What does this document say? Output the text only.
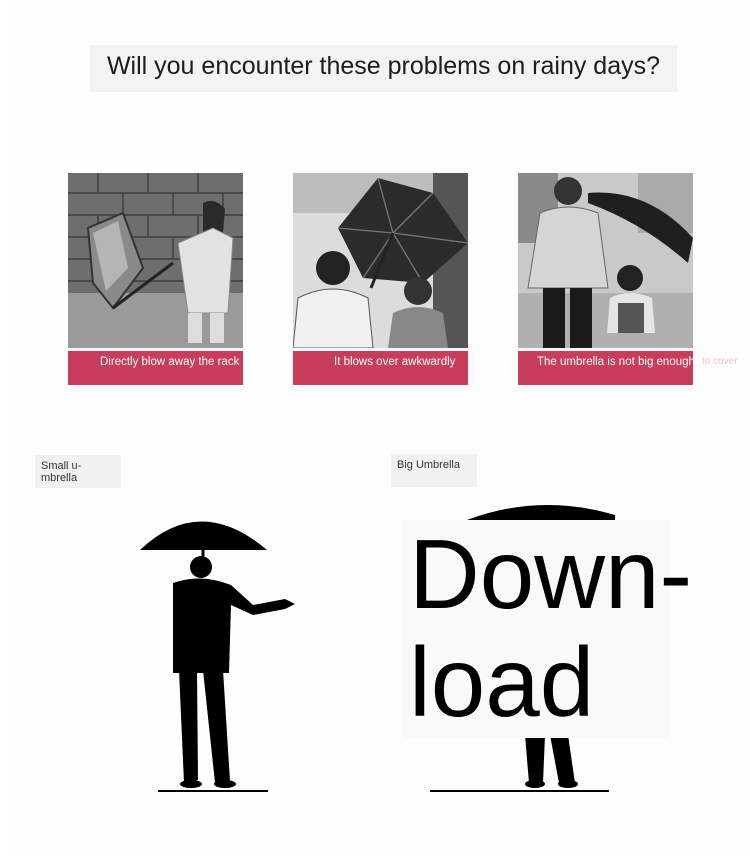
Will you encounter these problems on rainy days?
Directly blow away the rack	It blows over awkwardly	The umbrella is not big enough to cover
Small u-
mbrella
Big Umbrella
Down-
load
